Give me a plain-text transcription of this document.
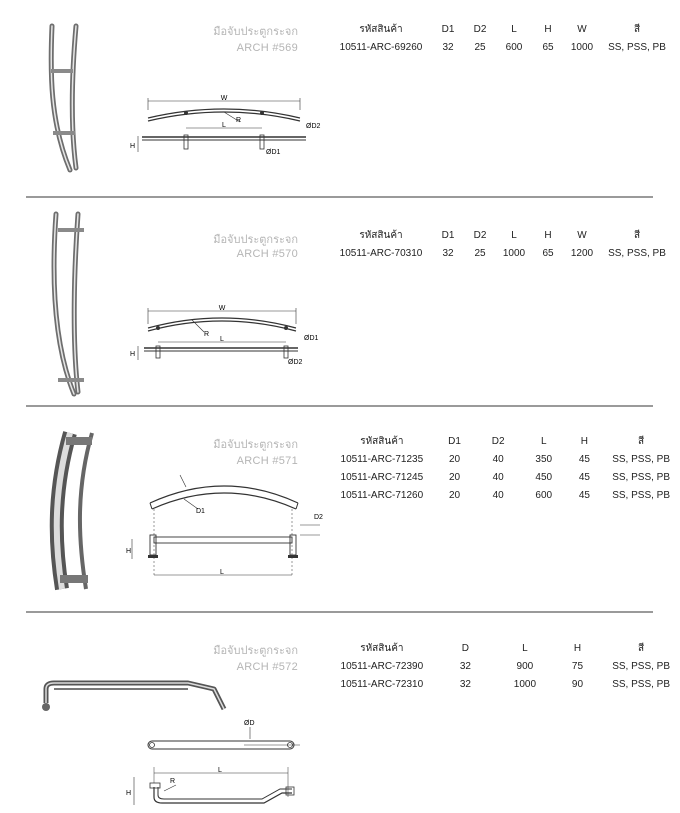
มือจับประตูกระจก
ARCH #569
รหัสสินค้า	D1	D2	L	H	W	สี
10511-ARC-69260	32	25	600	65	1000	SS, PSS, PB
W
R
L
H
ØD2
ØD1
มือจับประตูกระจก
ARCH #570
รหัสสินค้า	D1	D2	L	H	W	สี
10511-ARC-70310	32	25	1000	65	1200	SS, PSS, PB
W
R
L
H
ØD1
ØD2
มือจับประตูกระจก
ARCH #571
รหัสสินค้า	D1	D2	L	H	สี
10511-ARC-71235	20	40	350	45	SS, PSS, PB
10511-ARC-71245	20	40	450	45	SS, PSS, PB
10511-ARC-71260	20	40	600	45	SS, PSS, PB
D1
D2
H
L
มือจับประตูกระจก
ARCH #572
รหัสสินค้า	D	L	H	สี
10511-ARC-72390	32	900	75	SS, PSS, PB
10511-ARC-72310	32	1000	90	SS, PSS, PB
ØD
L
R
H
